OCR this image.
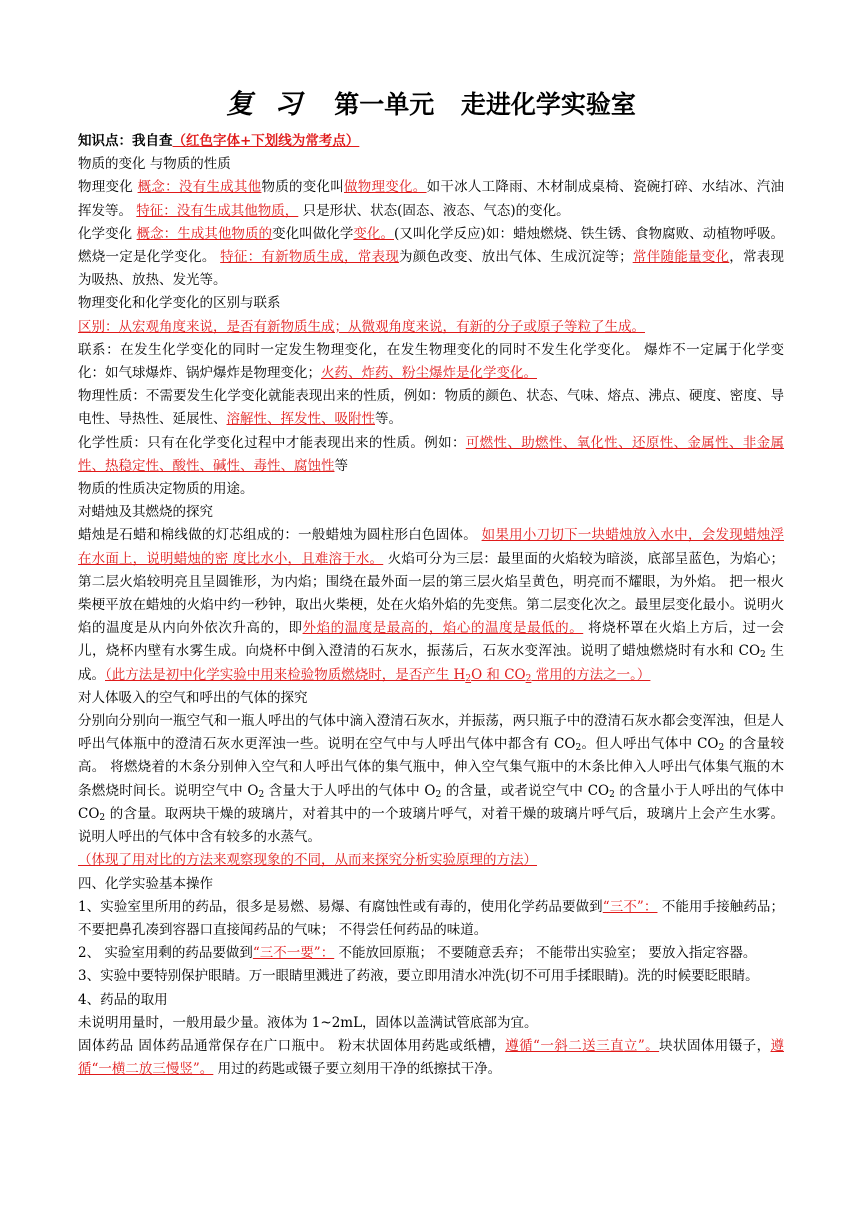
复 习 第一单元 走进化学实验室

知识点：我自查（红色字体+下划线为常考点）

物质的变化 与物质的性质

物理变化 概念：没有生成其他物质的变化叫做物理变化。如干冰人工降雨、木材制成桌椅、瓷碗打碎、水结冰、汽油挥发等。 特征：没有生成其他物质， 只是形状、状态(固态、液态、气态)的变化。

化学变化 概念：生成其他物质的变化叫做化学变化。(又叫化学反应)如：蜡烛燃烧、铁生锈、食物腐败、动植物呼吸。燃烧一定是化学变化。 特征：有新物质生成，常表现为颜色改变、放出气体、生成沉淀等；常伴随能量变化，常表现为吸热、放热、发光等。

物理变化和化学变化的区别与联系

区别：从宏观角度来说，是否有新物质生成；从微观角度来说，有新的分子或原子等粒了生成。

联系：在发生化学变化的同时一定发生物理变化，在发生物理变化的同时不发生化学变化。 爆炸不一定属于化学变化：如气球爆炸、锅炉爆炸是物理变化；火药、炸药、粉尘爆炸是化学变化。

物理性质：不需要发生化学变化就能表现出来的性质，例如：物质的颜色、状态、气味、熔点、沸点、硬度、密度、导电性、导热性、延展性、溶解性、挥发性、吸附性等。

化学性质：只有在化学变化过程中才能表现出来的性质。例如：可燃性、助燃性、氧化性、还原性、金属性、非金属性、热稳定性、酸性、碱性、毒性、腐蚀性等

物质的性质决定物质的用途。

对蜡烛及其燃烧的探究

蜡烛是石蜡和棉线做的灯芯组成的：一般蜡烛为圆柱形白色固体。 如果用小刀切下一块蜡烛放入水中，会发现蜡烛浮在水面上，说明蜡烛的密 度比水小，且难溶于水。 火焰可分为三层：最里面的火焰较为暗淡，底部呈蓝色，为焰心；第二层火焰较明亮且呈圆锥形，为内焰；围绕在最外面一层的第三层火焰呈黄色，明亮而不耀眼，为外焰。 把一根火柴梗平放在蜡烛的火焰中约一秒钟，取出火柴梗，处在火焰外焰的先变焦。第二层变化次之。最里层变化最小。说明火焰的温度是从内向外依次升高的，即外焰的温度是最高的，焰心的温度是最低的。 将烧杯罩在火焰上方后，过一会儿，烧杯内壁有水雾生成。向烧杯中倒入澄清的石灰水，振荡后，石灰水变浑浊。说明了蜡烛燃烧时有水和 $CO_2$ 生成。（此方法是初中化学实验中用来检验物质燃烧时，是否产生 $H_2O$ 和 $CO_2$ 常用的方法之一。）

对人体吸入的空气和呼出的气体的探究

分别向分别向一瓶空气和一瓶人呼出的气体中滴入澄清石灰水，并振荡，两只瓶子中的澄清石灰水都会变浑浊，但是人呼出气体瓶中的澄清石灰水更浑浊一些。说明在空气中与人呼出气体中都含有 $CO_2$。但人呼出气体中 $CO_2$ 的含量较高。 将燃烧着的木条分别伸入空气和人呼出气体的集气瓶中，伸入空气集气瓶中的木条比伸入人呼出气体集气瓶的木条燃烧时间长。说明空气中 $O_2$ 含量大于人呼出的气体中 $O_2$ 的含量，或者说空气中 $CO_2$ 的含量小于人呼出的气体中 $CO_2$ 的含量。取两块干燥的玻璃片，对着其中的一个玻璃片呼气，对着干燥的玻璃片呼气后，玻璃片上会产生水雾。说明人呼出的气体中含有较多的水蒸气。

（体现了用对比的方法来观察现象的不同，从而来探究分析实验原理的方法）

四、化学实验基本操作

1、实验室里所用的药品，很多是易燃、易爆、有腐蚀性或有毒的，使用化学药品要做到“三不”： 不能用手接触药品； 不要把鼻孔凑到容器口直接闻药品的气味； 不得尝任何药品的味道。

2、 实验室用剩的药品要做到“三不一要”： 不能放回原瓶； 不要随意丢弃； 不能带出实验室； 要放入指定容器。

3、实验中要特别保护眼睛。万一眼睛里溅进了药液，要立即用清水冲洗(切不可用手揉眼睛)。洗的时候要眨眼睛。

4、药品的取用

未说明用量时，一般用最少量。液体为 1~2mL，固体以盖满试管底部为宜。

固体药品 固体药品通常保存在广口瓶中。 粉末状固体用药匙或纸槽，遵循“一斜二送三直立”。块状固体用镊子，遵循“一横二放三慢竖”。 用过的药匙或镊子要立刻用干净的纸擦拭干净。
